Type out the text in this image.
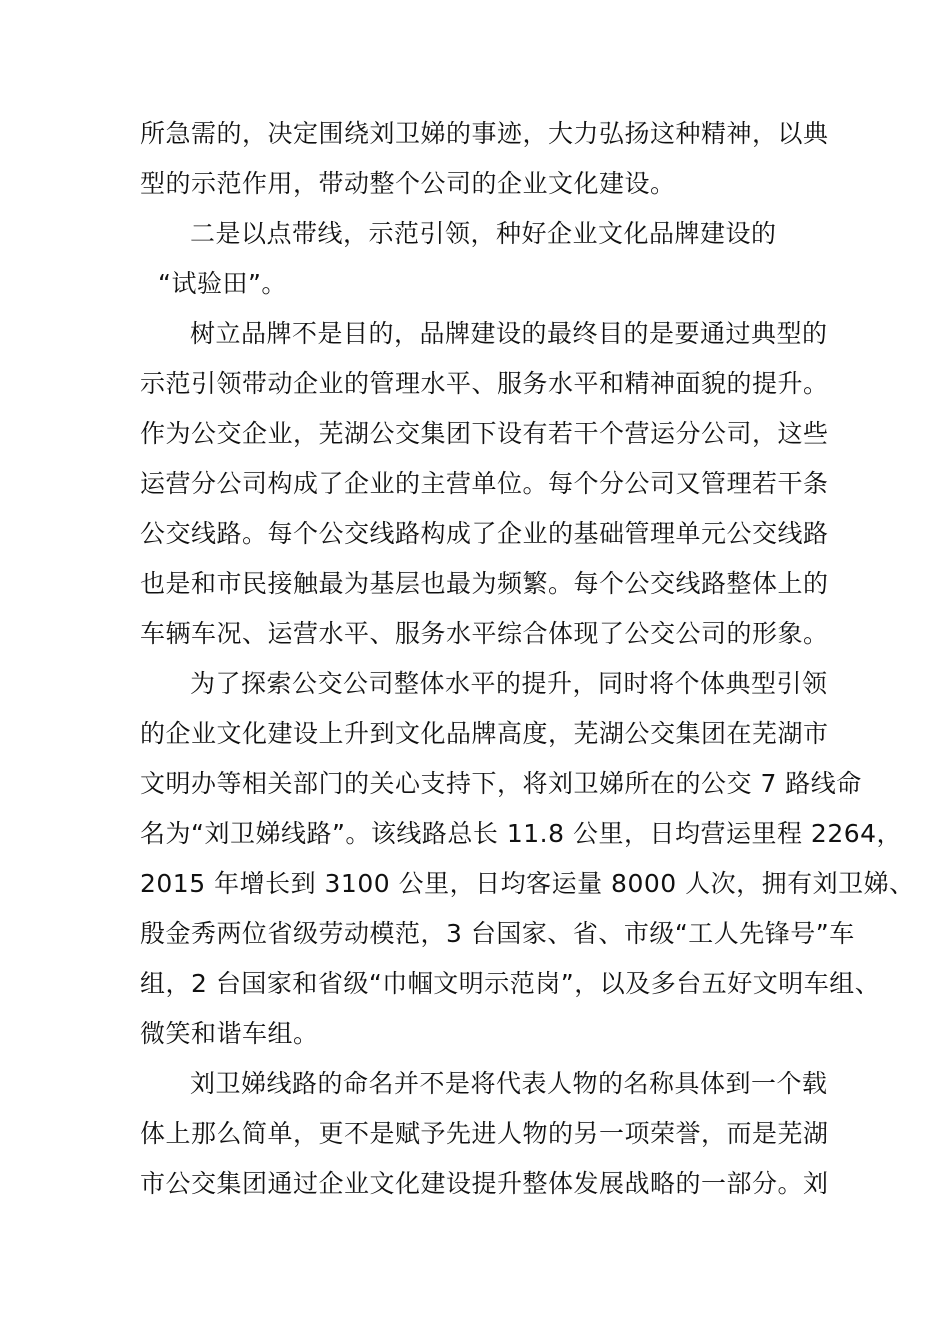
所急需的，决定围绕刘卫娣的事迹，大力弘扬这种精神，以典

型的示范作用，带动整个公司的企业文化建设。

二是以点带线，示范引领，种好企业文化品牌建设的

“试验田”。

树立品牌不是目的，品牌建设的最终目的是要通过典型的

示范引领带动企业的管理水平、服务水平和精神面貌的提升。

作为公交企业，芜湖公交集团下设有若干个营运分公司，这些

运营分公司构成了企业的主营单位。每个分公司又管理若干条

公交线路。每个公交线路构成了企业的基础管理单元公交线路

也是和市民接触最为基层也最为频繁。每个公交线路整体上的

车辆车况、运营水平、服务水平综合体现了公交公司的形象。

为了探索公交公司整体水平的提升，同时将个体典型引领

的企业文化建设上升到文化品牌高度，芜湖公交集团在芜湖市

文明办等相关部门的关心支持下，将刘卫娣所在的公交 7 路线命

名为“刘卫娣线路”。该线路总长 11.8 公里，日均营运里程 2264，

2015 年增长到 3100 公里，日均客运量 8000 人次，拥有刘卫娣、

殷金秀两位省级劳动模范，3 台国家、省、市级“工人先锋号”车

组，2 台国家和省级“巾帼文明示范岗”，以及多台五好文明车组、

微笑和谐车组。

刘卫娣线路的命名并不是将代表人物的名称具体到一个载

体上那么简单，更不是赋予先进人物的另一项荣誉，而是芜湖

市公交集团通过企业文化建设提升整体发展战略的一部分。刘
